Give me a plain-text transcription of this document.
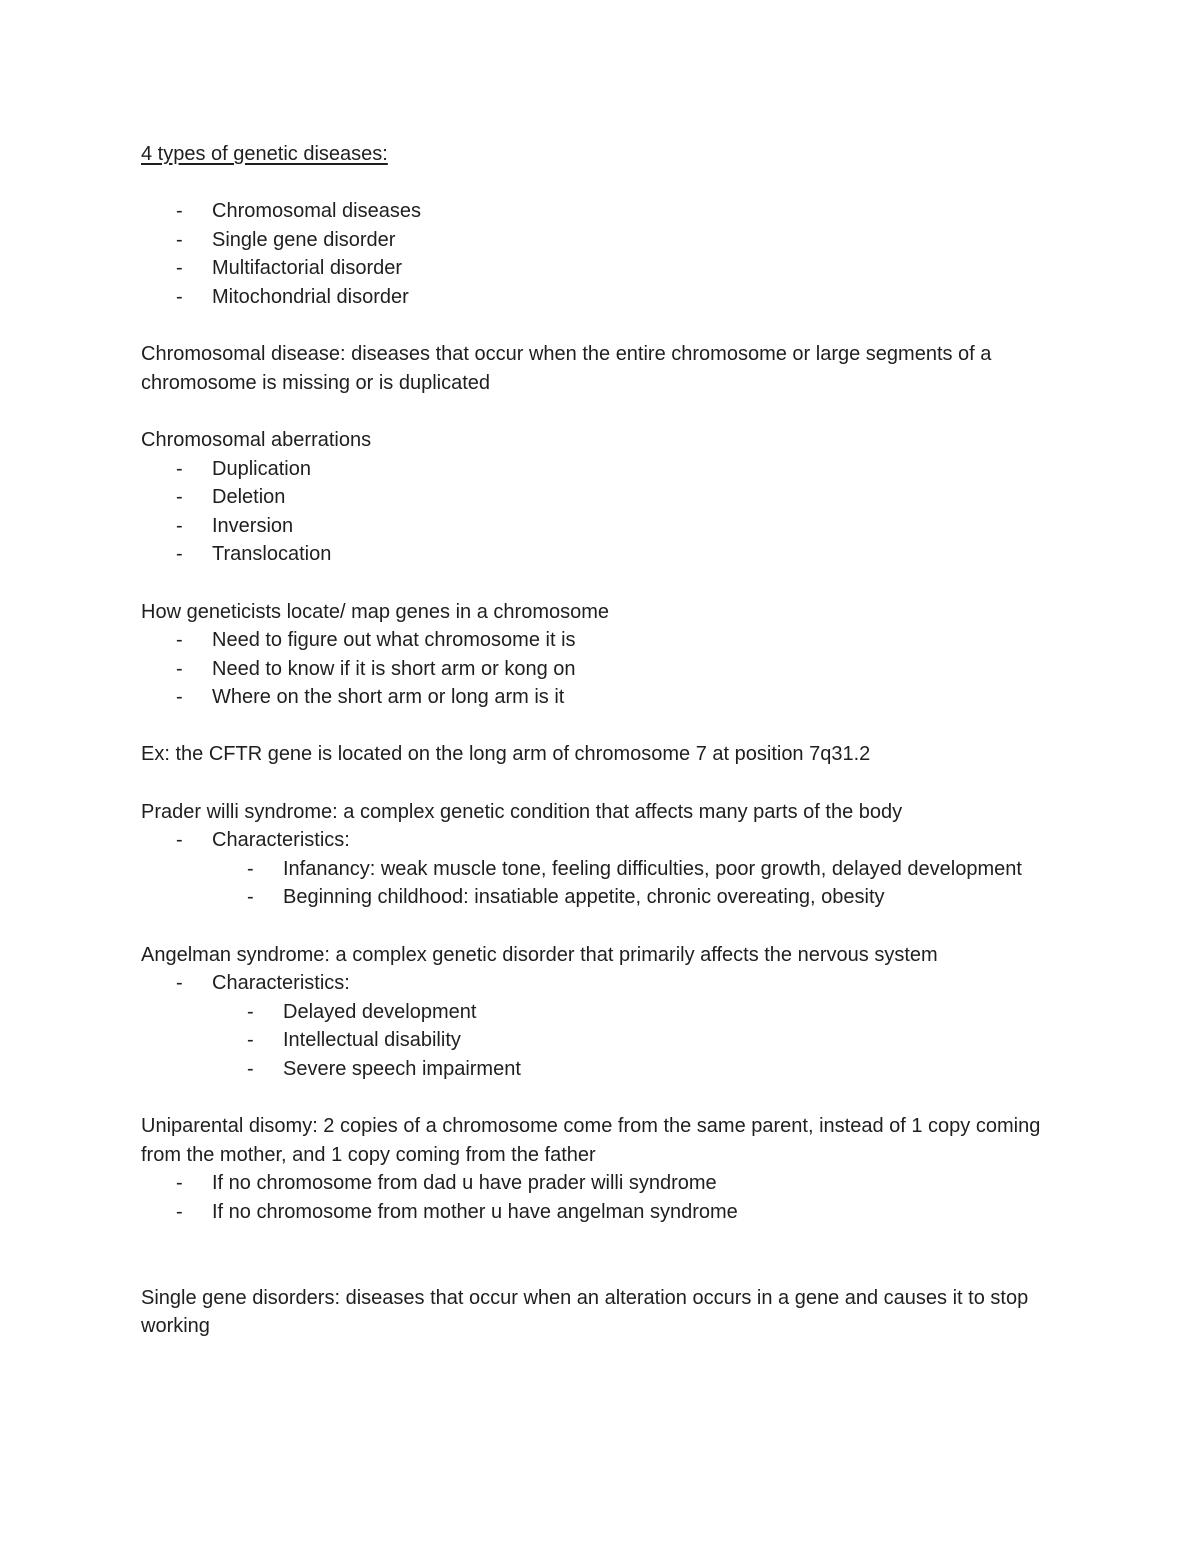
4 types of genetic diseases:

- Chromosomal diseases
- Single gene disorder
- Multifactorial disorder
- Mitochondrial disorder

Chromosomal disease: diseases that occur when the entire chromosome or large segments of a chromosome is missing or is duplicated

Chromosomal aberrations

- Duplication
- Deletion
- Inversion
- Translocation

How geneticists locate/ map genes in a chromosome

- Need to figure out what chromosome it is
- Need to know if it is short arm or kong on
- Where on the short arm or long arm is it

Ex: the CFTR gene is located on the long arm of chromosome 7 at position 7q31.2

Prader willi syndrome: a complex genetic condition that affects many parts of the body

- Characteristics:
- Infanancy: weak muscle tone, feeling difficulties, poor growth, delayed development
- Beginning childhood: insatiable appetite, chronic overeating, obesity

Angelman syndrome: a complex genetic disorder that primarily affects the nervous system

- Characteristics:
- Delayed development
- Intellectual disability
- Severe speech impairment

Uniparental disomy: 2 copies of a chromosome come from the same parent, instead of 1 copy coming from the mother, and 1 copy coming from the father

- If no chromosome from dad u have prader willi syndrome
- If no chromosome from mother u have angelman syndrome

Single gene disorders: diseases that occur when an alteration occurs in a gene and causes it to stop working
